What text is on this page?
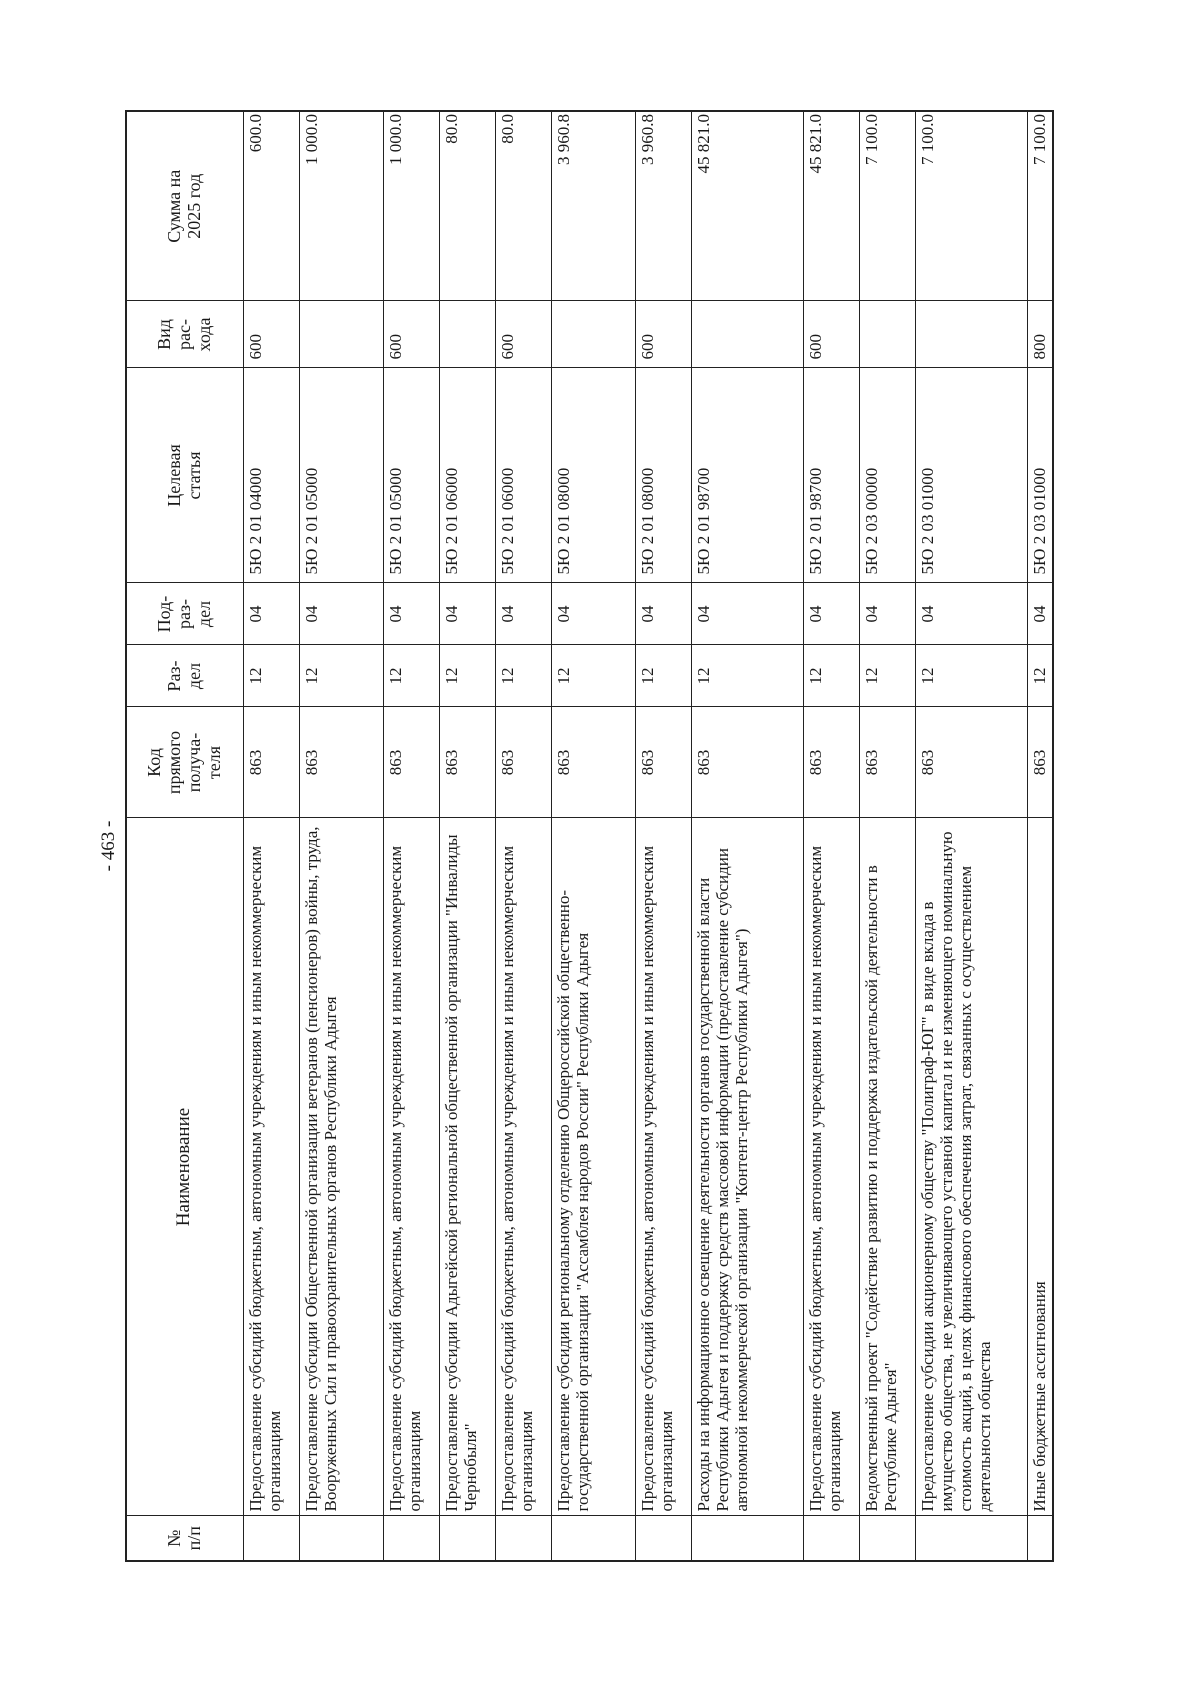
- 463 -
№
п/п	Наименование	Код
прямого
получа-
теля	Раз-
дел	Под-
раз-
дел	Целевая
статья	Вид
рас-
хода	Сумма на
2025 год
	Предоставление субсидий бюджетным, автономным учреждениям и иным некоммерческим организациям	863	12	04	5Ю 2 01 04000	600	600.0
	Предоставление субсидии Общественной организации ветеранов (пенсионеров) войны, труда, Вооруженных Сил и правоохранительных органов Республики Адыгея	863	12	04	5Ю 2 01 05000		1 000.0
	Предоставление субсидий бюджетным, автономным учреждениям и иным некоммерческим организациям	863	12	04	5Ю 2 01 05000	600	1 000.0
	Предоставление субсидии Адыгейской региональной общественной организации "Инвалиды Чернобыля"	863	12	04	5Ю 2 01 06000		80.0
	Предоставление субсидий бюджетным, автономным учреждениям и иным некоммерческим организациям	863	12	04	5Ю 2 01 06000	600	80.0
	Предоставление субсидии региональному отделению Общероссийской общественно-государственной организации "Ассамблея народов России" Республики Адыгея	863	12	04	5Ю 2 01 08000		3 960.8
	Предоставление субсидий бюджетным, автономным учреждениям и иным некоммерческим организациям	863	12	04	5Ю 2 01 08000	600	3 960.8
	Расходы на информационное освещение деятельности органов государственной власти Республики Адыгея и поддержку средств массовой информации (предоставление субсидии автономной некоммерческой организации "Контент-центр Республики Адыгея")	863	12	04	5Ю 2 01 98700		45 821.0
	Предоставление субсидий бюджетным, автономным учреждениям и иным некоммерческим организациям	863	12	04	5Ю 2 01 98700	600	45 821.0
	Ведомственный проект "Содействие развитию и поддержка издательской деятельности в Республике Адыгея"	863	12	04	5Ю 2 03 00000		7 100.0
	Предоставление субсидии акционерному обществу "Полиграф-ЮГ" в виде вклада в имущество общества, не увеличивающего уставной капитал и не изменяющего номинальную стоимость акций, в целях финансового обеспечения затрат, связанных с осуществлением деятельности общества	863	12	04	5Ю 2 03 01000		7 100.0
	Иные бюджетные ассигнования	863	12	04	5Ю 2 03 01000	800	7 100.0
